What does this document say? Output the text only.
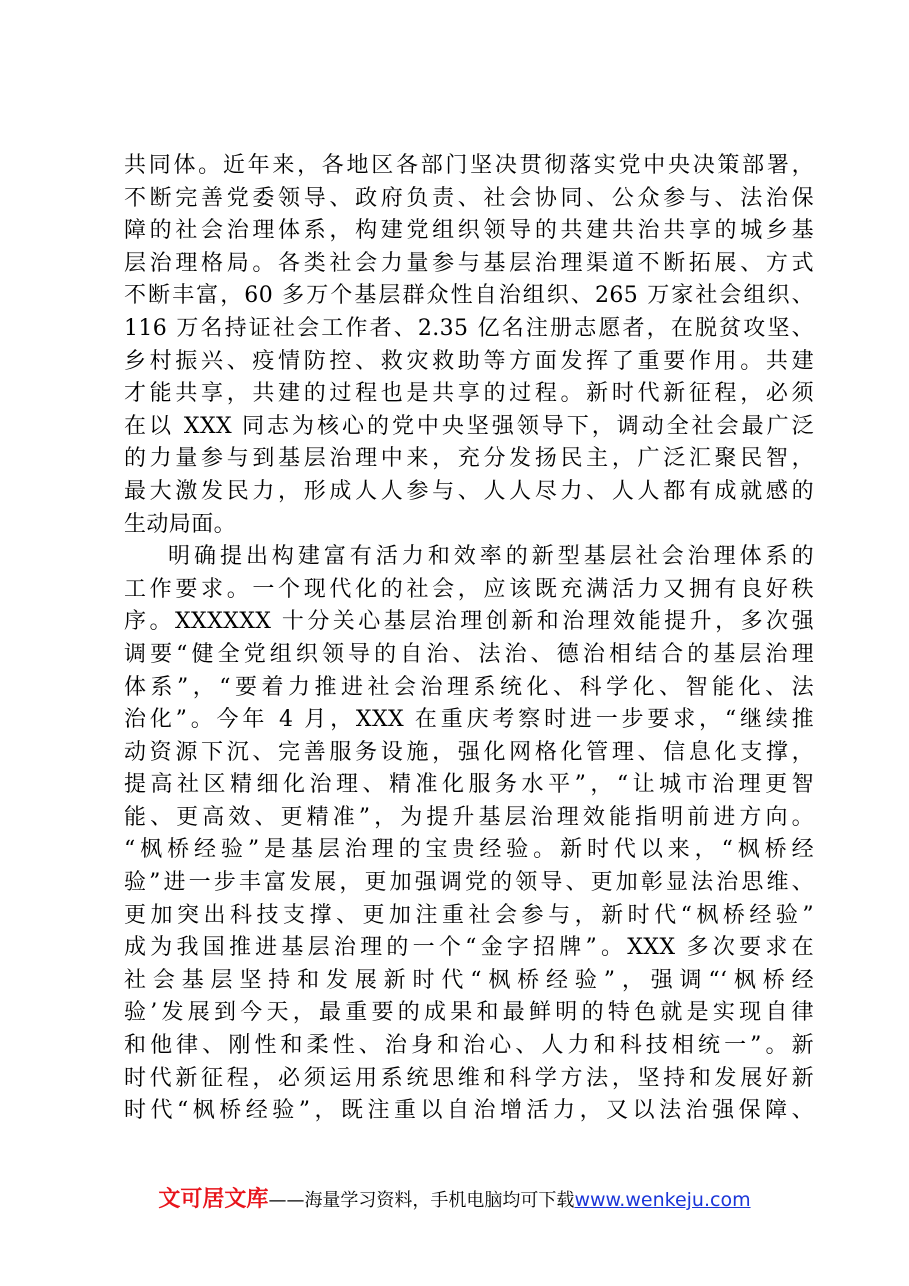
共同体。近年来，各地区各部门坚决贯彻落实党中央决策部署，
不断完善党委领导、政府负责、社会协同、公众参与、法治保
障的社会治理体系，构建党组织领导的共建共治共享的城乡基
层治理格局。各类社会力量参与基层治理渠道不断拓展、方式
不断丰富，60 多万个基层群众性自治组织、265 万家社会组织、
116 万名持证社会工作者、2.35 亿名注册志愿者，在脱贫攻坚、
乡村振兴、疫情防控、救灾救助等方面发挥了重要作用。共建
才能共享，共建的过程也是共享的过程。新时代新征程，必须
在以 XXX 同志为核心的党中央坚强领导下，调动全社会最广泛
的力量参与到基层治理中来，充分发扬民主，广泛汇聚民智，
最大激发民力，形成人人参与、人人尽力、人人都有成就感的
生动局面。
明确提出构建富有活力和效率的新型基层社会治理体系的
工作要求。一个现代化的社会，应该既充满活力又拥有良好秩
序。XXXXXX 十分关心基层治理创新和治理效能提升，多次强
调要“健全党组织领导的自治、法治、德治相结合的基层治理
体系”，“要着力推进社会治理系统化、科学化、智能化、法
治化”。今年 4 月，XXX 在重庆考察时进一步要求，“继续推
动资源下沉、完善服务设施，强化网格化管理、信息化支撑，
提高社区精细化治理、精准化服务水平”，“让城市治理更智
能、更高效、更精准”，为提升基层治理效能指明前进方向。
“枫桥经验”是基层治理的宝贵经验。新时代以来，“枫桥经
验”进一步丰富发展，更加强调党的领导、更加彰显法治思维、
更加突出科技支撑、更加注重社会参与，新时代“枫桥经验”
成为我国推进基层治理的一个“金字招牌”。XXX 多次要求在
社会基层坚持和发展新时代“枫桥经验”，强调“‘枫桥经
验’发展到今天，最重要的成果和最鲜明的特色就是实现自律
和他律、刚性和柔性、治身和治心、人力和科技相统一”。新
时代新征程，必须运用系统思维和科学方法，坚持和发展好新
时代“枫桥经验”，既注重以自治增活力，又以法治强保障、
文可居文库——海量学习资料，手机电脑均可下载www.wenkeju.com
